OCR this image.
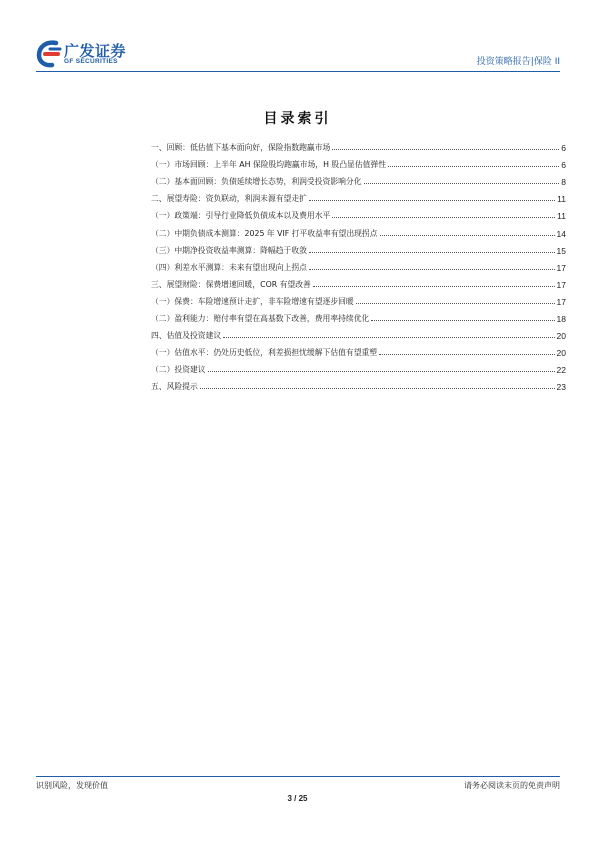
广发证券
GF SECURITIES	投资策略报告|保险 II
目录索引
一、回顾：低估值下基本面向好，保险指数跑赢市场	6
（一）市场回顾：上半年 AH 保险股均跑赢市场，H 股凸显估值弹性	6
（二）基本面回顾：负债延续增长态势，利润受投资影响分化	8
二、展望寿险：资负联动，利润未源有望走扩	11
（一）政策端：引导行业降低负债成本以及费用水平	11
（二）中期负债成本测算：2025 年 VIF 打平收益率有望出现拐点	14
（三）中期净投资收益率测算：降幅趋于收敛	15
（四）利差水平测算：未来有望出现向上拐点	17
三、展望财险：保费增速回暖，COR 有望改善	17
（一）保费：车险增速预计走扩，非车险增速有望逐步回暖	17
（二）盈利能力：赔付率有望在高基数下改善，费用率持续优化	18
四、估值及投资建议	20
（一）估值水平：仍处历史低位，利差损担忧缓解下估值有望重塑	20
（二）投资建议	22
五、风险提示	23
识别风险，发现价值	请务必阅读末页的免责声明
3 / 25
